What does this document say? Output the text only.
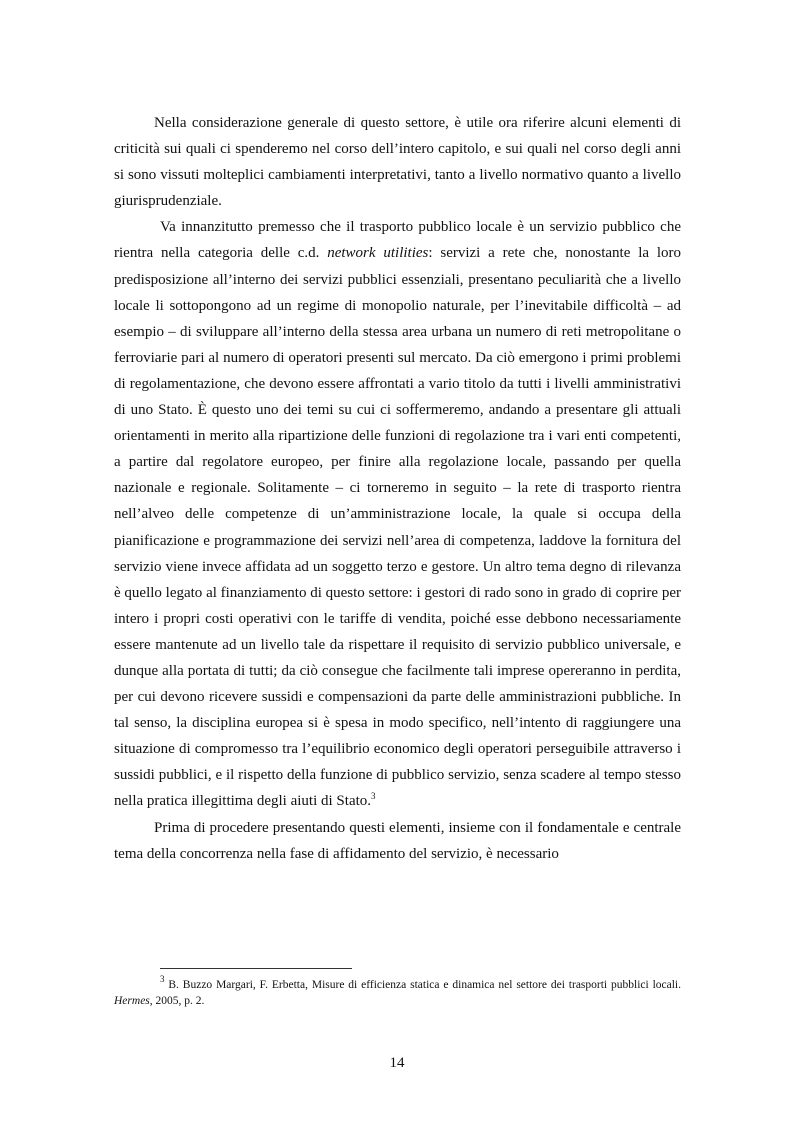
Nella considerazione generale di questo settore, è utile ora riferire alcuni elementi di criticità sui quali ci spenderemo nel corso dell’intero capitolo, e sui quali nel corso degli anni si sono vissuti molteplici cambiamenti interpretativi, tanto a livello normativo quanto a livello giurisprudenziale.

Va innanzitutto premesso che il trasporto pubblico locale è un servizio pubblico che rientra nella categoria delle c.d. network utilities: servizi a rete che, nonostante la loro predisposizione all’interno dei servizi pubblici essenziali, presentano peculiarità che a livello locale li sottopongono ad un regime di monopolio naturale, per l’inevitabile difficoltà – ad esempio – di sviluppare all’interno della stessa area urbana un numero di reti metropolitane o ferroviarie pari al numero di operatori presenti sul mercato. Da ciò emergono i primi problemi di regolamentazione, che devono essere affrontati a vario titolo da tutti i livelli amministrativi di uno Stato. È questo uno dei temi su cui ci soffermeremo, andando a presentare gli attuali orientamenti in merito alla ripartizione delle funzioni di regolazione tra i vari enti competenti, a partire dal regolatore europeo, per finire alla regolazione locale, passando per quella nazionale e regionale. Solitamente – ci torneremo in seguito – la rete di trasporto rientra nell’alveo delle competenze di un’amministrazione locale, la quale si occupa della pianificazione e programmazione dei servizi nell’area di competenza, laddove la fornitura del servizio viene invece affidata ad un soggetto terzo e gestore. Un altro tema degno di rilevanza è quello legato al finanziamento di questo settore: i gestori di rado sono in grado di coprire per intero i propri costi operativi con le tariffe di vendita, poiché esse debbono necessariamente essere mantenute ad un livello tale da rispettare il requisito di servizio pubblico universale, e dunque alla portata di tutti; da ciò consegue che facilmente tali imprese opereranno in perdita, per cui devono ricevere sussidi e compensazioni da parte delle amministrazioni pubbliche. In tal senso, la disciplina europea si è spesa in modo specifico, nell’intento di raggiungere una situazione di compromesso tra l’equilibrio economico degli operatori perseguibile attraverso i sussidi pubblici, e il rispetto della funzione di pubblico servizio, senza scadere al tempo stesso nella pratica illegittima degli aiuti di Stato.$^3$

Prima di procedere presentando questi elementi, insieme con il fondamentale e centrale tema della concorrenza nella fase di affidamento del servizio, è necessario

$^3$ B. Buzzo Margari, F. Erbetta, Misure di efficienza statica e dinamica nel settore dei trasporti pubblici locali. Hermes, 2005, p. 2.
14
